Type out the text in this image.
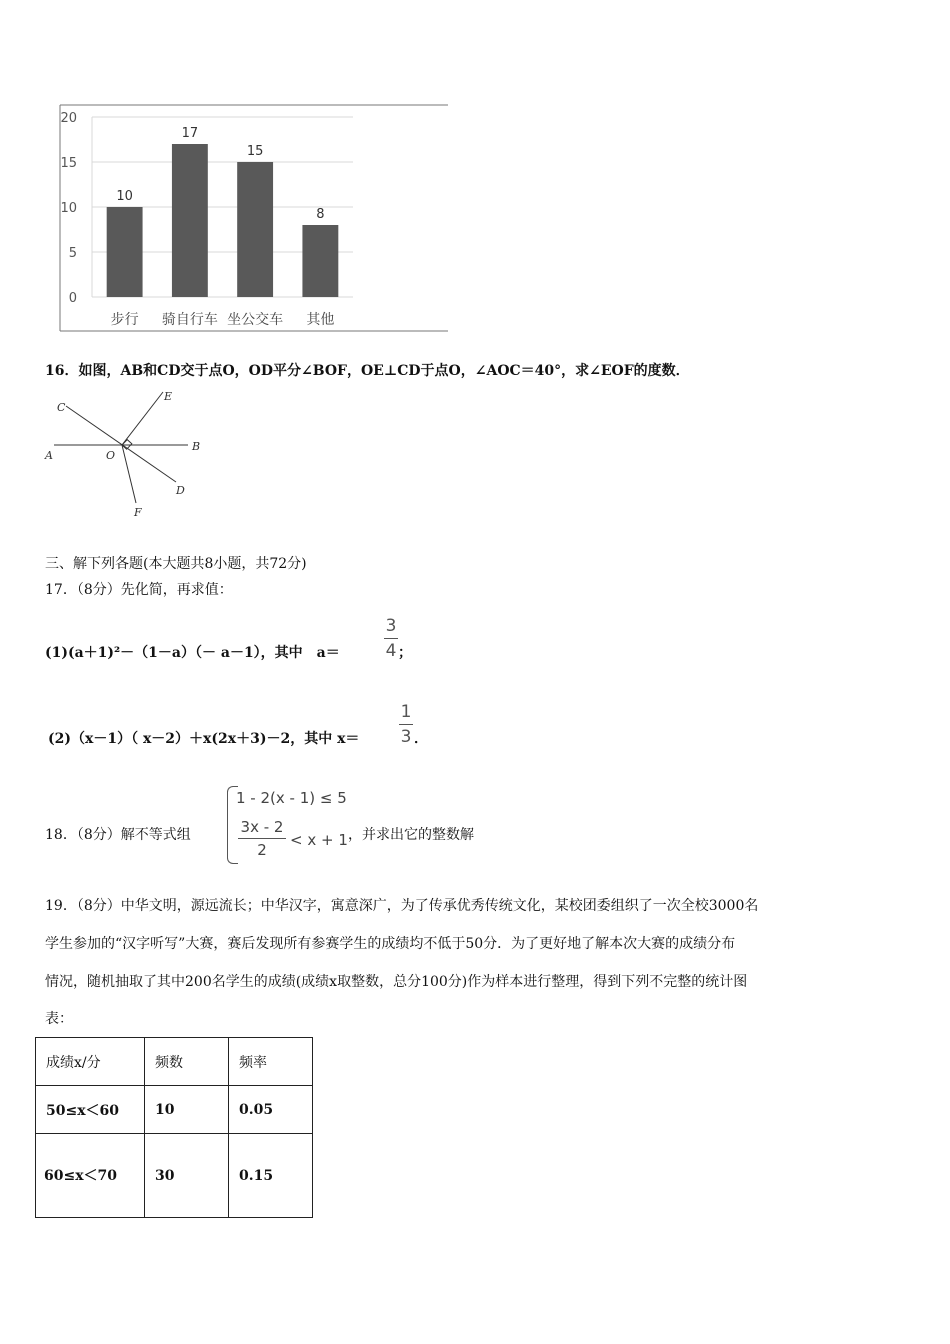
0
5
10
15
20
10
17
15
8
步行 骑自行车 坐公交车 其他
16．如图，AB和CD交于点O，OD平分∠BOF，OE⊥CD于点O，∠AOC＝40°，求∠EOF的度数．
C
E
A	O
B
D
F
三、解下列各题(本大题共8小题，共72分)
17．（8分）先化简，再求值：
(1)(a＋1)²－（1－a）（－ a－1），其中　a＝
3
4 ；
(2)（x－1）（ x－2）＋x(2x＋3)－2，其中 x＝
1
3 ．
18．（8分）解不等式组
1 - 2(x - 1) ≤ 5
3x - 2
2
< x + 1 ，并求出它的整数解
19．（8分）中华文明，源远流长；中华汉字，寓意深广，为了传承优秀传统文化，某校团委组织了一次全校3000名
学生参加的“汉字听写”大赛，赛后发现所有参赛学生的成绩均不低于50分．为了更好地了解本次大赛的成绩分布
情况，随机抽取了其中200名学生的成绩(成绩x取整数，总分100分)作为样本进行整理，得到下列不完整的统计图
表：
成绩x/分	频数	频率
50≤x＜60	10	0.05
60≤x＜70	30	0.15
